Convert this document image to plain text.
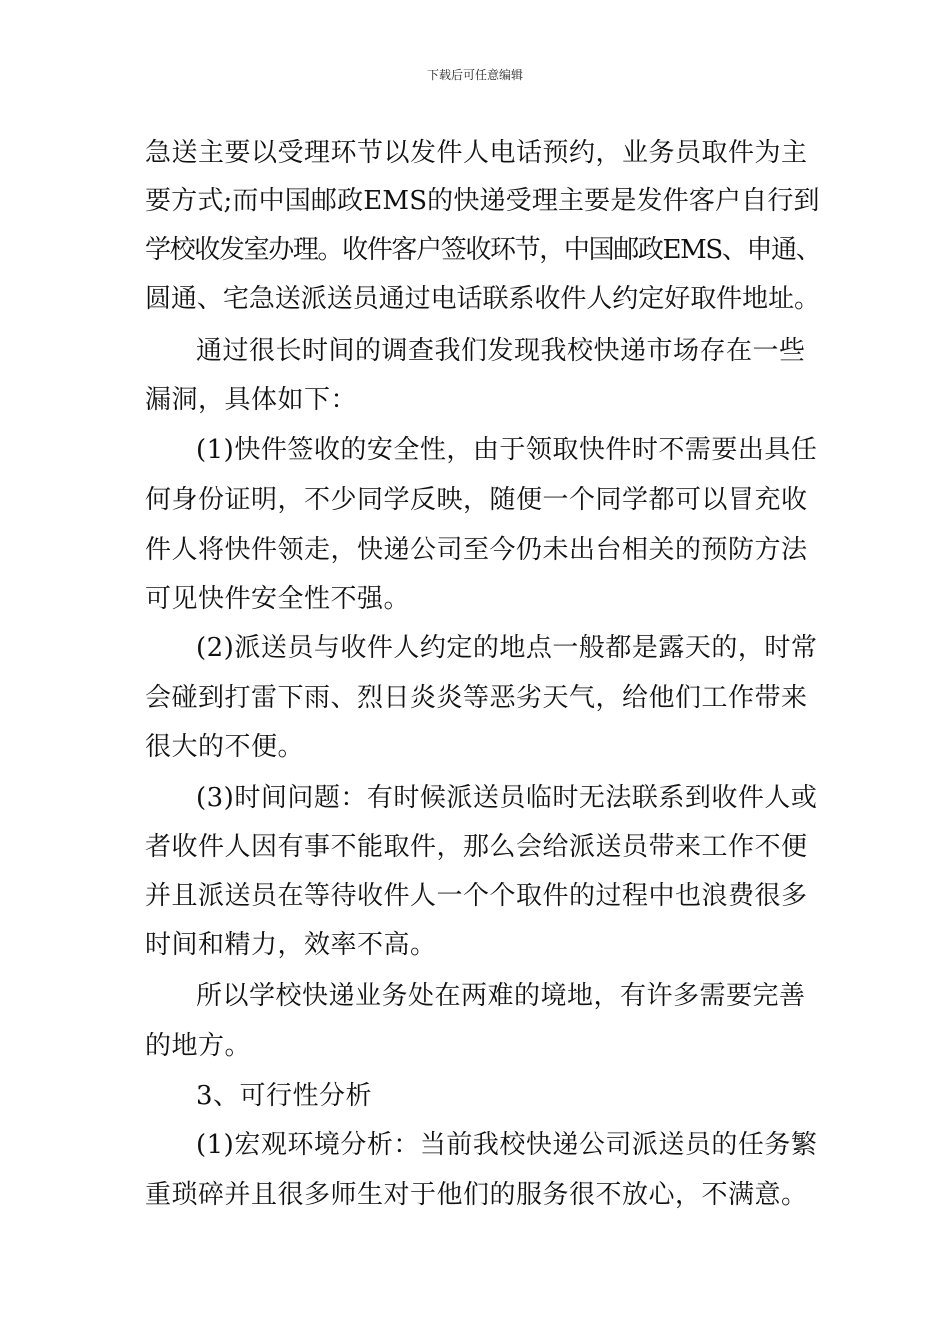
下载后可任意编辑
急送主要以受理环节以发件人电话预约，业务员取件为主
要方式;而中国邮政EMS的快递受理主要是发件客户自行到
学校收发室办理。收件客户签收环节，中国邮政EMS、申通、
圆通、宅急送派送员通过电话联系收件人约定好取件地址。
通过很长时间的调查我们发现我校快递市场存在一些
漏洞，具体如下：
(1)快件签收的安全性，由于领取快件时不需要出具任
何身份证明，不少同学反映，随便一个同学都可以冒充收
件人将快件领走，快递公司至今仍未出台相关的预防方法
可见快件安全性不强。
(2)派送员与收件人约定的地点一般都是露天的，时常
会碰到打雷下雨、烈日炎炎等恶劣天气，给他们工作带来
很大的不便。
(3)时间问题：有时候派送员临时无法联系到收件人或
者收件人因有事不能取件，那么会给派送员带来工作不便
并且派送员在等待收件人一个个取件的过程中也浪费很多
时间和精力，效率不高。
所以学校快递业务处在两难的境地，有许多需要完善
的地方。
3、可行性分析
(1)宏观环境分析：当前我校快递公司派送员的任务繁
重琐碎并且很多师生对于他们的服务很不放心，不满意。
